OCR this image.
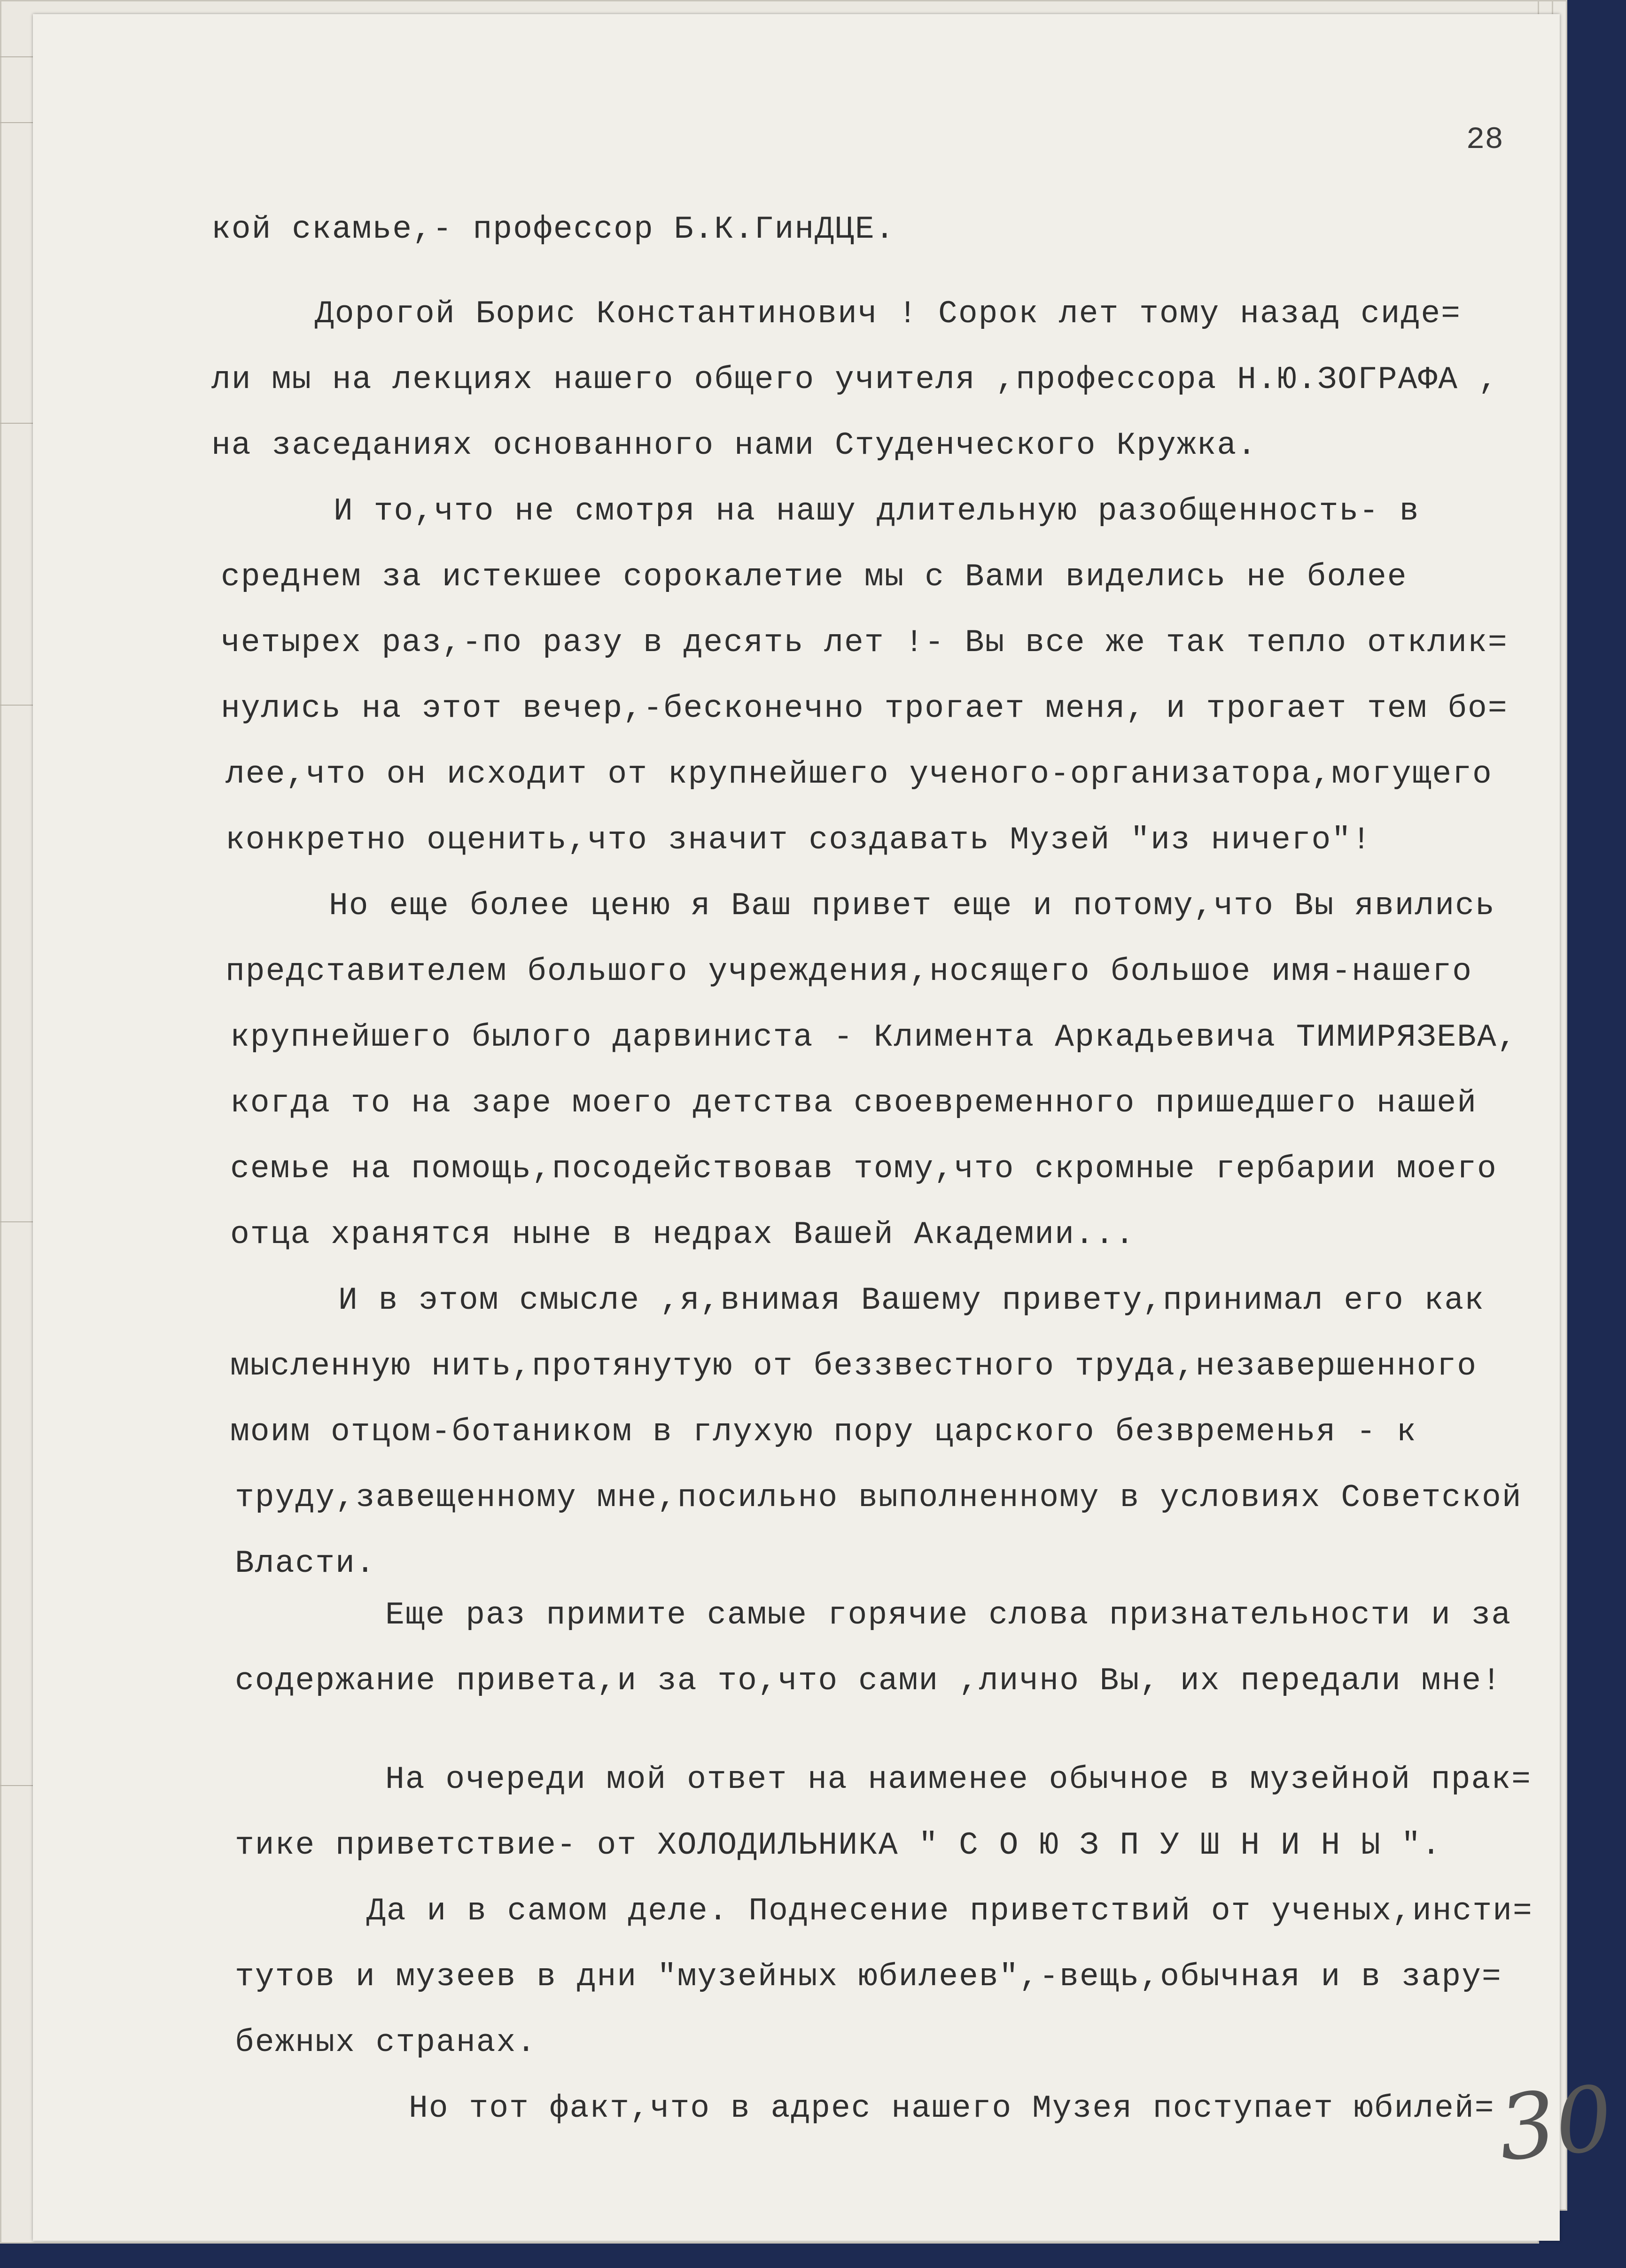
28
кой скамье,- профессор Б.К.ГинДЦЕ.
Дорогой Борис Константинович ! Сорок лет тому назад сиде=
ли мы на лекциях нашего общего учителя ,профессора Н.Ю.ЗОГРАФА ,
на заседаниях основанного нами Студенческого Кружка.
И то,что не смотря на нашу длительную разобщенность- в
среднем за истекшее сорокалетие мы с Вами виделись не более
четырех раз,-по разу в десять лет !- Вы все же так тепло отклик=
нулись на этот вечер,-бесконечно трогает меня, и трогает тем бо=
лее,что он исходит от крупнейшего ученого-организатора,могущего
конкретно оценить,что значит создавать Музей "из ничего"!
Но еще более ценю я Ваш привет еще и потому,что Вы явились
представителем большого учреждения,носящего большое имя-нашего
крупнейшего былого дарвиниста - Климента Аркадьевича ТИМИРЯЗЕВА,
когда то на заре моего детства своевременного пришедшего нашей
семье на помощь,посодействовав тому,что скромные гербарии моего
отца хранятся ныне в недрах Вашей Академии...
И в этом смысле ,я,внимая Вашему привету,принимал его как
мысленную нить,протянутую от беззвестного труда,незавершенного
моим отцом-ботаником в глухую пору царского безвременья - к
труду,завещенному мне,посильно выполненному в условиях Советской
Власти.
Еще раз примите самые горячие слова признательности и за
содержание привета,и за то,что сами ,лично Вы, их передали мне!
На очереди мой ответ на наименее обычное в музейной прак=
тике приветствие- от ХОЛОДИЛЬНИКА " С О Ю З П У Ш Н И Н Ы ".
Да и в самом деле. Поднесение приветствий от ученых,инсти=
тутов и музеев в дни "музейных юбилеев",-вещь,обычная и в зару=
бежных странах.
Но тот факт,что в адрес нашего Музея поступает юбилей=
30
